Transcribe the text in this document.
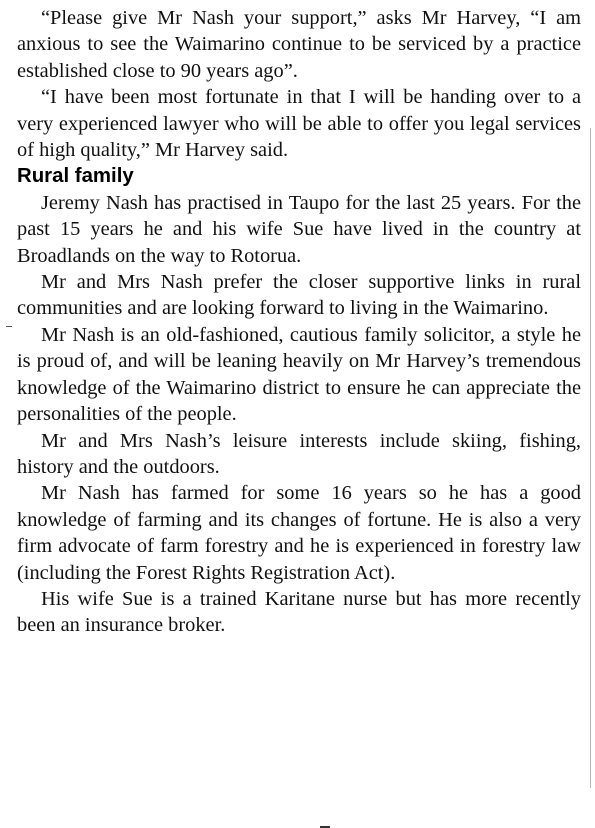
“Please give Mr Nash your support,” asks Mr Harvey, “I am anxious to see the Waimarino continue to be serviced by a practice established close to 90 years ago”.

“I have been most fortunate in that I will be handing over to a very experienced lawyer who will be able to offer you legal services of high quality,” Mr Harvey said.

Rural family

Jeremy Nash has practised in Taupo for the last 25 years. For the past 15 years he and his wife Sue have lived in the country at Broadlands on the way to Rotorua.

Mr and Mrs Nash prefer the closer supportive links in rural communities and are looking forward to living in the Waimarino.

Mr Nash is an old-fashioned, cautious family solicitor, a style he is proud of, and will be leaning heavily on Mr Harvey’s tremendous knowledge of the Waimarino district to ensure he can appreciate the personalities of the people.

Mr and Mrs Nash’s leisure interests include skiing, fishing, history and the outdoors.

Mr Nash has farmed for some 16 years so he has a good knowledge of farming and its changes of fortune. He is also a very firm advocate of farm forestry and he is experienced in forestry law (including the Forest Rights Registration Act).

His wife Sue is a trained Karitane nurse but has more recently been an insurance broker.
